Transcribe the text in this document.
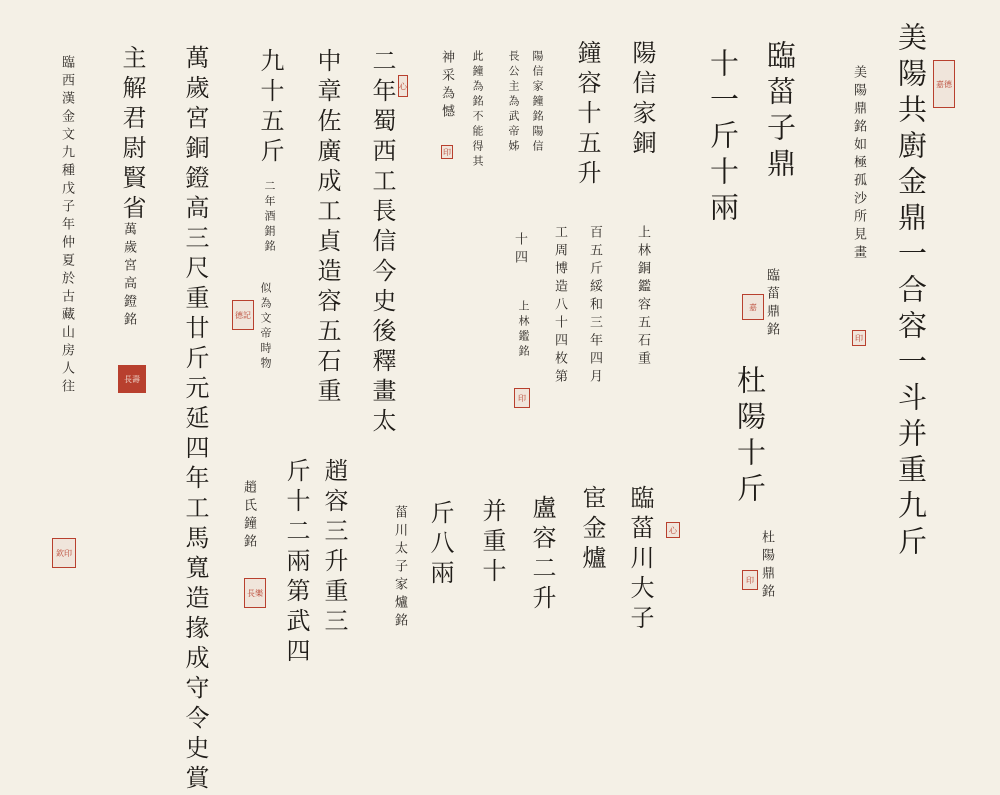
美陽共廚金鼎一合容一斗并重九斤
美陽鼎銘如極孤沙所見畫
臨菑子鼎
臨菑鼎銘
十一斤十兩
杜陽十斤
杜陽鼎銘
陽信家銅
上林銅鑑容五石重
臨菑川大子
鐘容十五升
百五斤綏和三年四月
宦金爐
陽信家鐘銘陽信
工周博造八十四枚第
盧容二升
長公主為武帝姊
十四
上林鑑銘
并重十
此鐘為銘不能得其
斤八兩
神采為憾
菑川太子家爐銘
二年蜀西工長信今史後釋畫太
中章佐廣成工貞造容五石重
趙容三升重三
斤十二兩第武四
九十五斤
二年酒鋗銘
似為文帝時物
趙氏鐘銘
萬歲宮銅鐙高三尺重廿斤元延四年工馬寬造掾成守令史賞
主解君尉賢省
萬歲宮高鐙銘
臨西漢金文九種戊子年仲夏於古藏山房人往	嘉德
印
嘉
心
印
心
印
印
德記
長樂
長壽
欽印
